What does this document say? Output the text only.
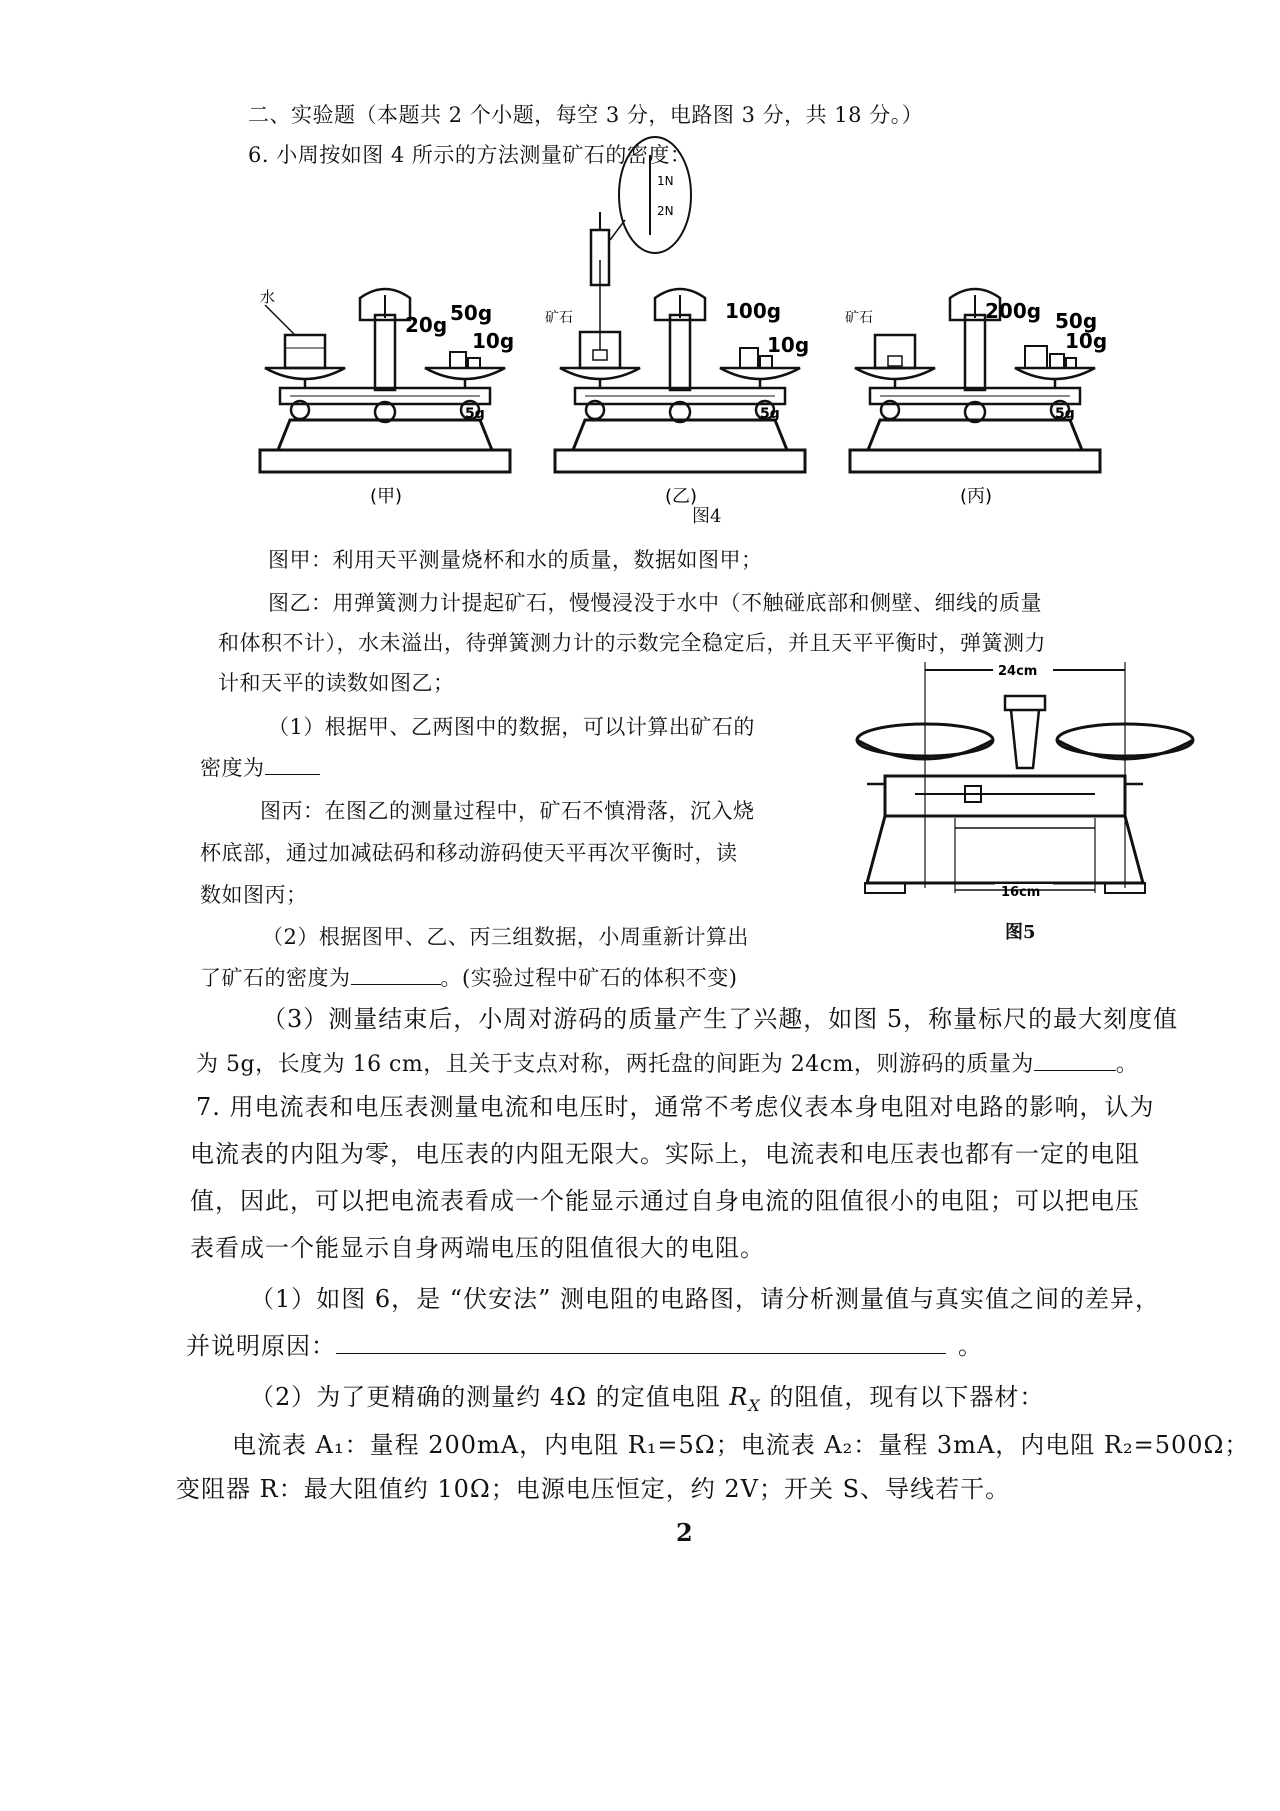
二、实验题（本题共 2 个小题，每空 3 分，电路图 3 分，共 18 分。）
6. 小周按如图 4 所示的方法测量矿石的密度：
水
50g
20g
10g
5g
(甲)
1N
2N
矿石	100g
10g
5g
(乙)
矿石	200g 50g
10g
5g
(丙)
图4
图甲：利用天平测量烧杯和水的质量，数据如图甲；
图乙：用弹簧测力计提起矿石，慢慢浸没于水中（不触碰底部和侧壁、细线的质量
和体积不计），水未溢出，待弹簧测力计的示数完全稳定后，并且天平平衡时，弹簧测力
计和天平的读数如图乙；
（1）根据甲、乙两图中的数据，可以计算出矿石的
密度为
图丙：在图乙的测量过程中，矿石不慎滑落，沉入烧
杯底部，通过加减砝码和移动游码使天平再次平衡时，读
数如图丙；
（2）根据图甲、乙、丙三组数据，小周重新计算出
了矿石的密度为	。(实验过程中矿石的体积不变)
24cm
16cm
图5
（3）测量结束后，小周对游码的质量产生了兴趣，如图 5，称量标尺的最大刻度值
为 5g，长度为 16 cm，且关于支点对称，两托盘的间距为 24cm，则游码的质量为	。
7. 用电流表和电压表测量电流和电压时，通常不考虑仪表本身电阻对电路的影响，认为
电流表的内阻为零，电压表的内阻无限大。实际上，电流表和电压表也都有一定的电阻
值，因此，可以把电流表看成一个能显示通过自身电流的阻值很小的电阻；可以把电压
表看成一个能显示自身两端电压的阻值很大的电阻。
（1）如图 6，是 “伏安法” 测电阻的电路图，请分析测量值与真实值之间的差异，
并说明原因：	。
（2）为了更精确的测量约 4Ω 的定值电阻 $R_X$ 的阻值，现有以下器材：
电流表 A₁：量程 200mA，内电阻 R₁=5Ω；电流表 A₂：量程 3mA，内电阻 R₂=500Ω；
变阻器 R：最大阻值约 10Ω；电源电压恒定，约 2V；开关 S、导线若干。
2
